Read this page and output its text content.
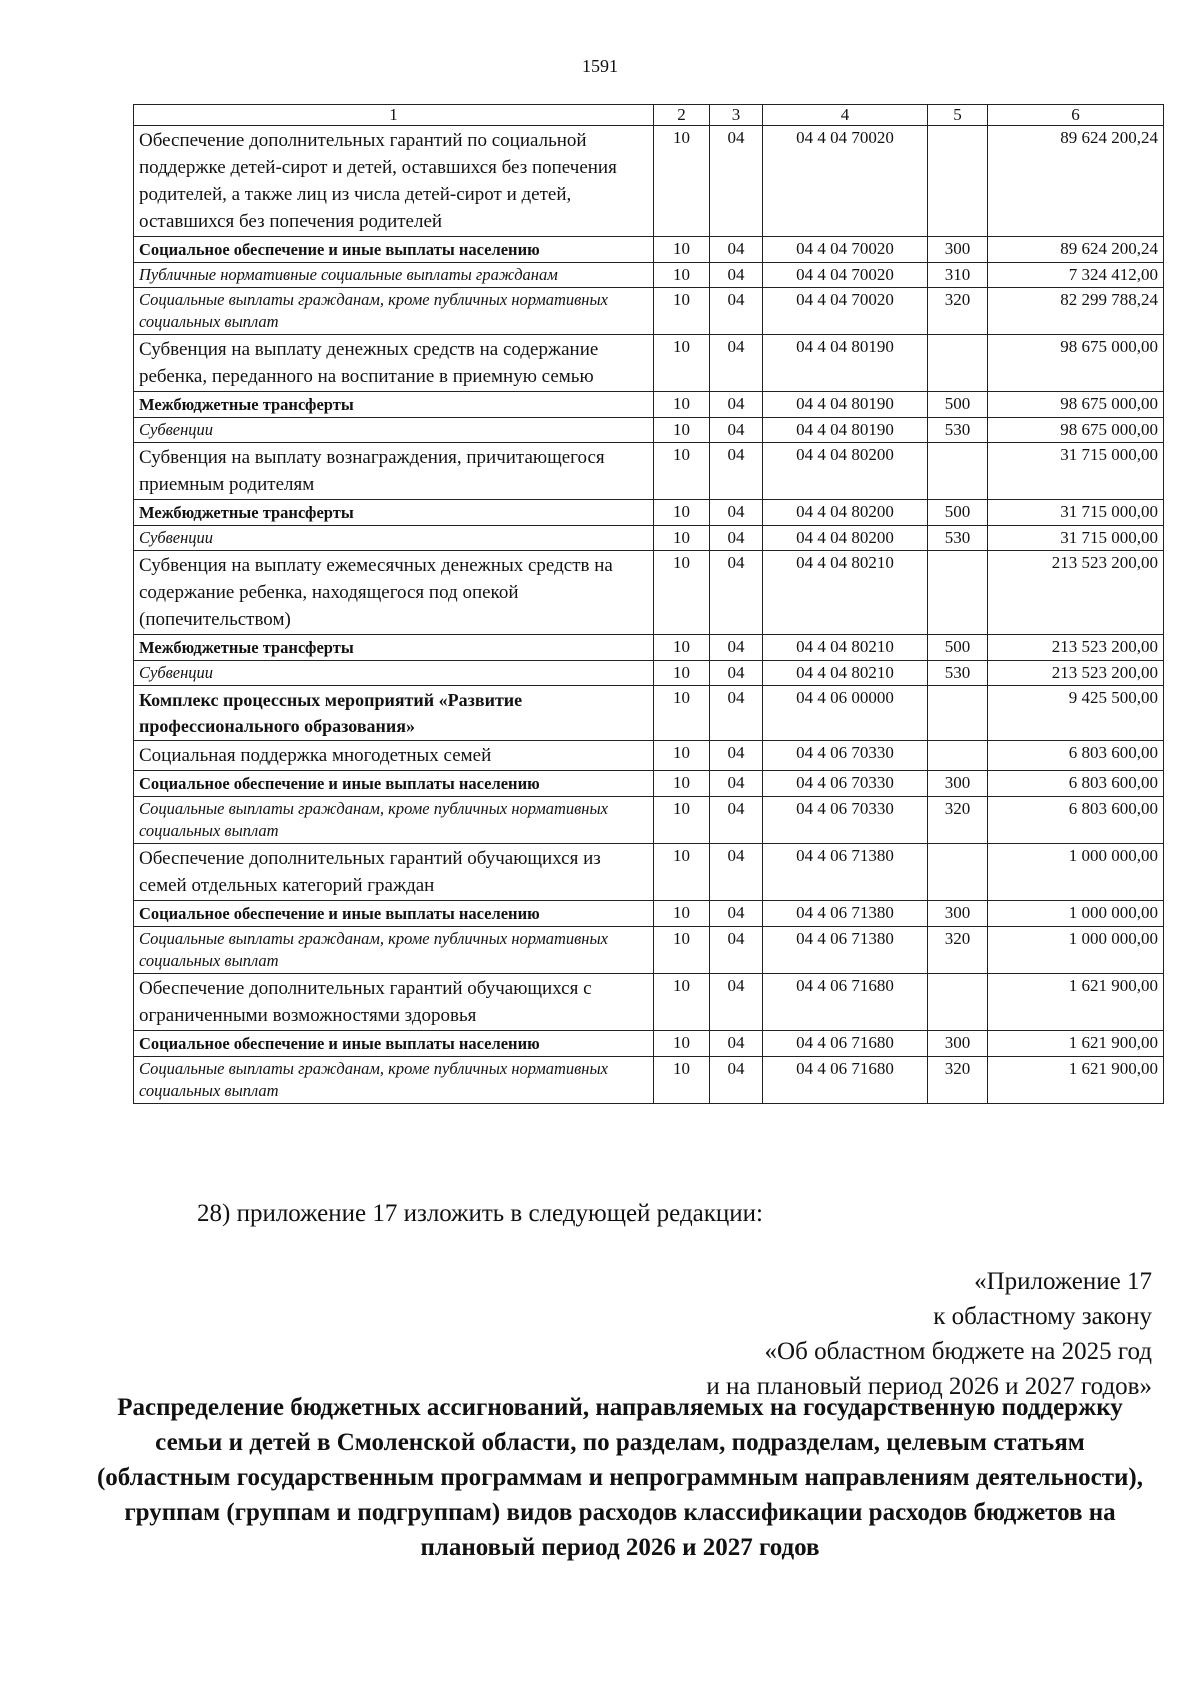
1591
1	2	3	4	5	6
Обеспечение дополнительных гарантий по социальной поддержке детей-сирот и детей, оставшихся без попечения родителей, а также лиц из числа детей-сирот и детей, оставшихся без попечения родителей	10	04	04 4 04 70020		89 624 200,24
Социальное обеспечение и иные выплаты населению	10	04	04 4 04 70020	300	89 624 200,24
Публичные нормативные социальные выплаты гражданам	10	04	04 4 04 70020	310	7 324 412,00
Социальные выплаты гражданам, кроме публичных нормативных социальных выплат	10	04	04 4 04 70020	320	82 299 788,24
Субвенция на выплату денежных средств на содержание ребенка, переданного на воспитание в приемную семью	10	04	04 4 04 80190		98 675 000,00
Межбюджетные трансферты	10	04	04 4 04 80190	500	98 675 000,00
Субвенции	10	04	04 4 04 80190	530	98 675 000,00
Субвенция на выплату вознаграждения, причитающегося приемным родителям	10	04	04 4 04 80200		31 715 000,00
Межбюджетные трансферты	10	04	04 4 04 80200	500	31 715 000,00
Субвенции	10	04	04 4 04 80200	530	31 715 000,00
Субвенция на выплату ежемесячных денежных средств на содержание ребенка, находящегося под опекой (попечительством)	10	04	04 4 04 80210		213 523 200,00
Межбюджетные трансферты	10	04	04 4 04 80210	500	213 523 200,00
Субвенции	10	04	04 4 04 80210	530	213 523 200,00
Комплекс процессных мероприятий «Развитие профессионального образования»	10	04	04 4 06 00000		9 425 500,00
Социальная поддержка многодетных семей	10	04	04 4 06 70330		6 803 600,00
Социальное обеспечение и иные выплаты населению	10	04	04 4 06 70330	300	6 803 600,00
Социальные выплаты гражданам, кроме публичных нормативных социальных выплат	10	04	04 4 06 70330	320	6 803 600,00
Обеспечение дополнительных гарантий обучающихся из семей отдельных категорий граждан	10	04	04 4 06 71380		1 000 000,00
Социальное обеспечение и иные выплаты населению	10	04	04 4 06 71380	300	1 000 000,00
Социальные выплаты гражданам, кроме публичных нормативных социальных выплат	10	04	04 4 06 71380	320	1 000 000,00
Обеспечение дополнительных гарантий обучающихся с ограниченными возможностями здоровья	10	04	04 4 06 71680		1 621 900,00
Социальное обеспечение и иные выплаты населению	10	04	04 4 06 71680	300	1 621 900,00
Социальные выплаты гражданам, кроме публичных нормативных социальных выплат	10	04	04 4 06 71680	320	1 621 900,00
28) приложение 17 изложить в следующей редакции:
«Приложение 17
к областному закону
«Об областном бюджете на 2025 год
и на плановый период 2026 и 2027 годов»
Распределение бюджетных ассигнований, направляемых на государственную поддержку семьи и детей в Смоленской области, по разделам, подразделам, целевым статьям (областным государственным программам и непрограммным направлениям деятельности), группам (группам и подгруппам) видов расходов классификации расходов бюджетов на плановый период 2026 и 2027 годов
